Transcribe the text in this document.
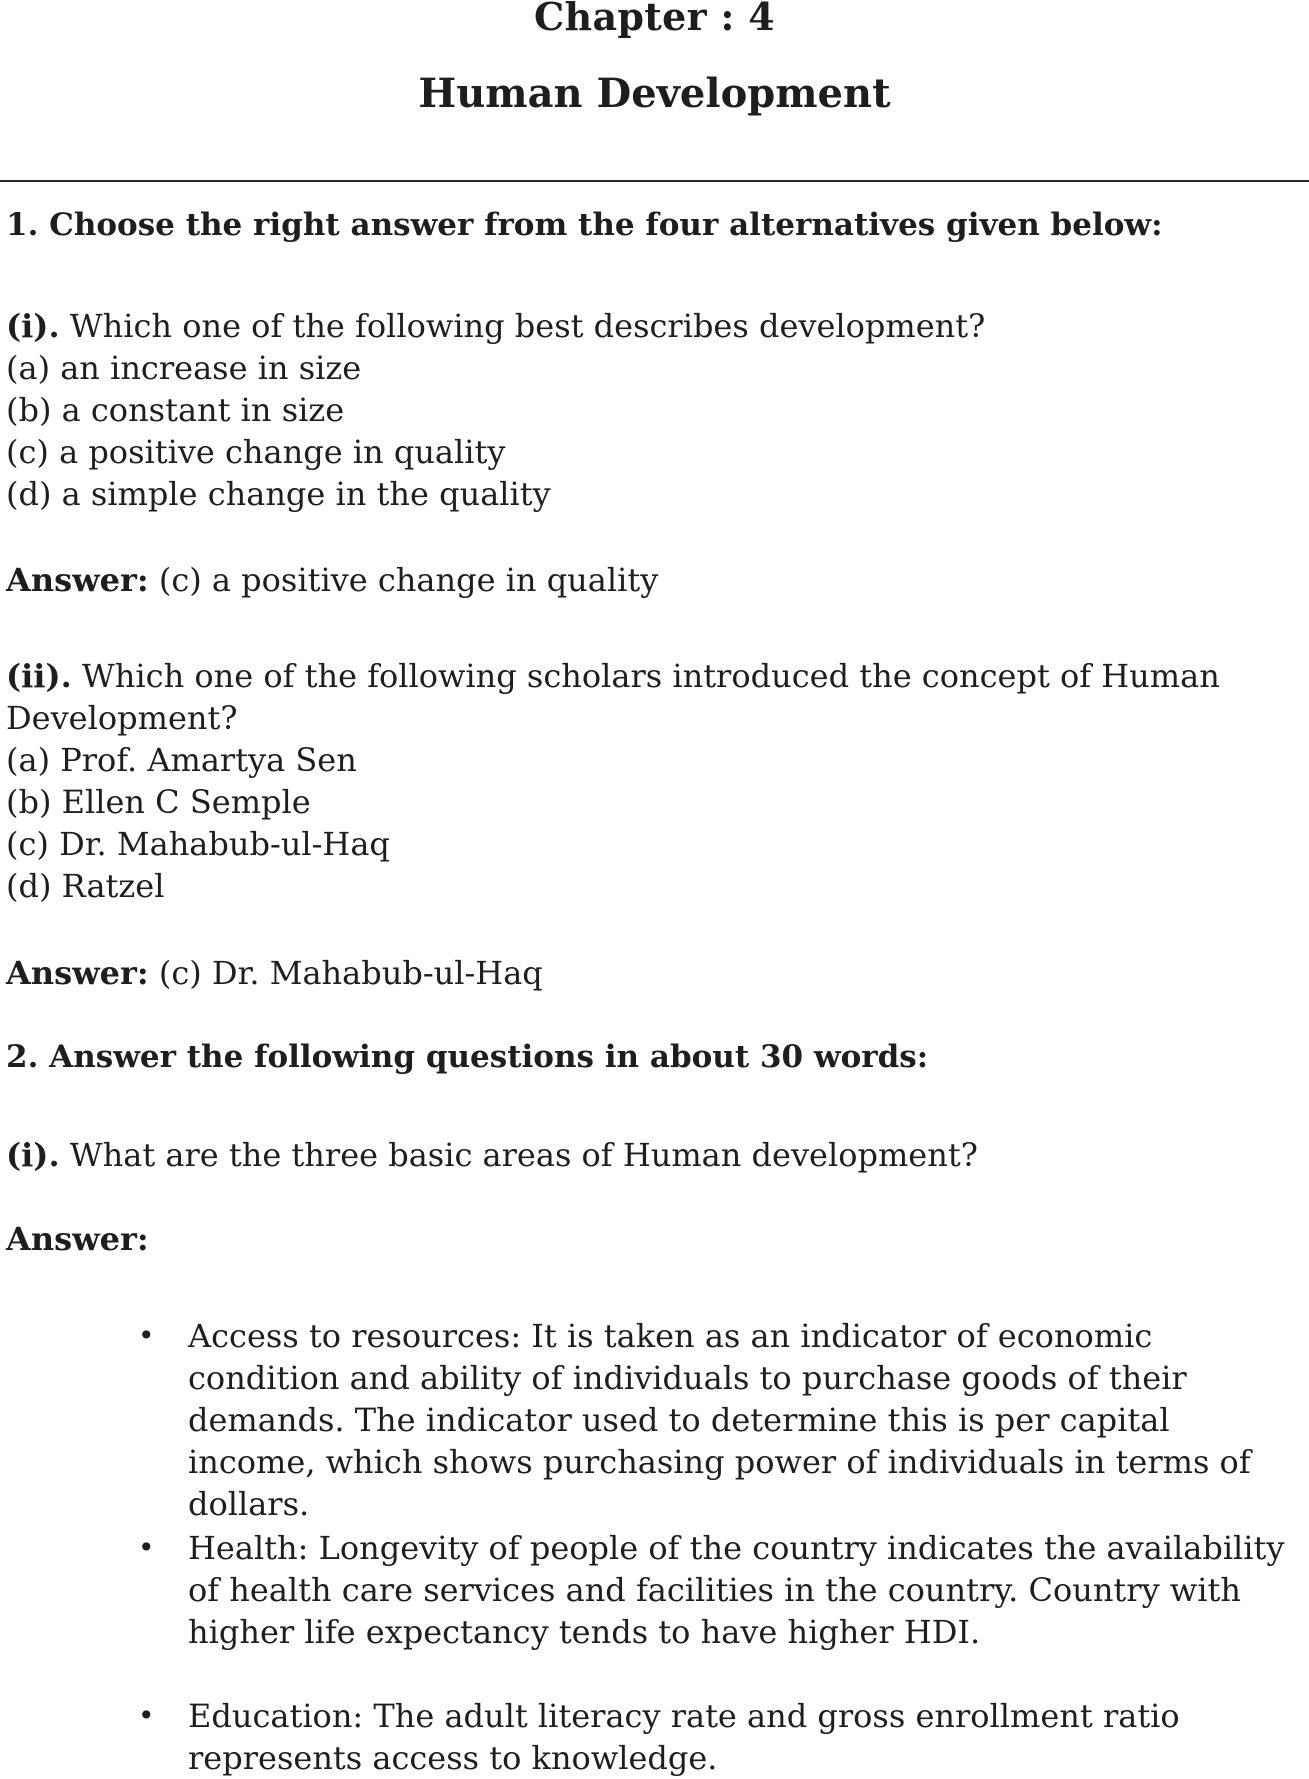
Chapter : 4
Human Development
1. Choose the right answer from the four alternatives given below:
(i). Which one of the following best describes development?
(a) an increase in size
(b) a constant in size
(c) a positive change in quality
(d) a simple change in the quality
Answer: (c) a positive change in quality
(ii). Which one of the following scholars introduced the concept of Human
Development?
(a) Prof. Amartya Sen
(b) Ellen C Semple
(c) Dr. Mahabub-ul-Haq
(d) Ratzel
Answer: (c) Dr. Mahabub-ul-Haq
2. Answer the following questions in about 30 words:
(i). What are the three basic areas of Human development?
Answer:
• Access to resources: It is taken as an indicator of economic condition and ability of individuals to purchase goods of their demands. The indicator used to determine this is per capital income, which shows purchasing power of individuals in terms of dollars.
• Health: Longevity of people of the country indicates the availability of health care services and facilities in the country. Country with higher life expectancy tends to have higher HDI.
• Education: The adult literacy rate and gross enrollment ratio represents access to knowledge.
